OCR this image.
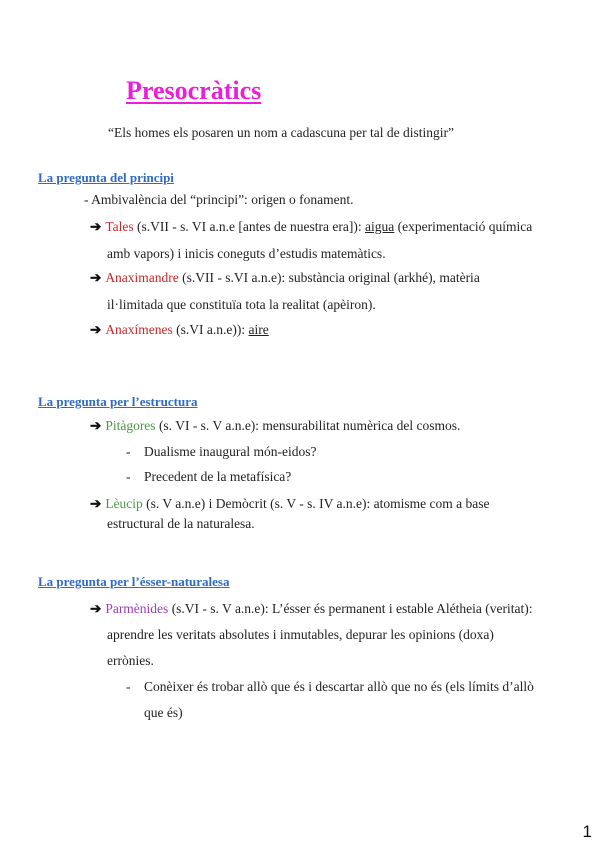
Presocràtics
“Els homes els posaren un nom a cadascuna per tal de distingir”
La pregunta del principi
- Ambivalència del “principi”: origen o fonament.
➔ Tales (s.VII - s. VI a.n.e [antes de nuestra era]): aigua (experimentació química
amb vapors) i inicis coneguts d’estudis matemàtics.
➔ Anaximandre (s.VII - s.VI a.n.e): substància original (arkhé), matèria
il·limitada que constituïa tota la realitat (apèiron).
➔ Anaxímenes (s.VI a.n.e)): aire
La pregunta per l’estructura
➔ Pitàgores (s. VI - s. V a.n.e): mensurabilitat numèrica del cosmos.
- Dualisme inaugural món-eidos?
- Precedent de la metafísica?
➔ Lèucip (s. V a.n.e) i Demòcrit (s. V - s. IV a.n.e): atomisme com a base
estructural de la naturalesa.
La pregunta per l’ésser-naturalesa
➔ Parmènides (s.VI - s. V a.n.e): L’ésser és permanent i estable Alétheia (veritat):
aprendre les veritats absolutes i inmutables, depurar les opinions (doxa)
errònies.
- Conèixer és trobar allò que és i descartar allò que no és (els límits d’allò
que és)
1
